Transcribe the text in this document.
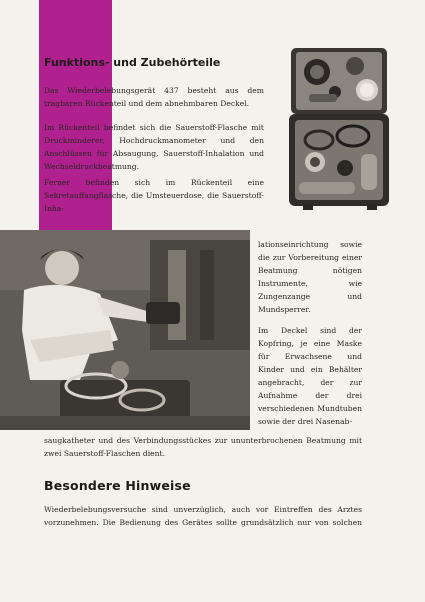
Funktions- und Zubehörteile

Das Wiederbelebungsgerät 437 besteht aus dem tragbaren Rückenteil und dem abnehmbaren Deckel.

Im Rückenteil befindet sich die Sauerstoff-Flasche mit Druckminderer, Hochdruckmanometer und den Anschlüssen für Absaugung, Sauerstoff-Inhalation und Wechseldruckbeatmung.

Ferner befinden sich im Rückenteil eine Sekretauffangflasche, die Umsteuerdose, die Sauerstoff-Inha-

lationseinrichtung sowie die zur Vorbereitung einer Beatmung nötigen Instrumente, wie Zungenzange und Mundsperrer.

Im Deckel sind der Kopfring, je eine Maske für Erwachsene und Kinder und ein Behälter angebracht, der zur Aufnahme der drei verschiedenen Mundtuben sowie der drei Nasenab-

saugkatheter und des Verbindungsstückes zur ununterbrochenen Beatmung mit zwei Sauerstoff-Flaschen dient.

Besondere Hinweise

Wiederbelebungsversuche sind unverzüglich, auch vor Eintreffen des Arztes vorzunehmen. Die Bedienung des Gerätes sollte grundsätzlich nur von solchen
